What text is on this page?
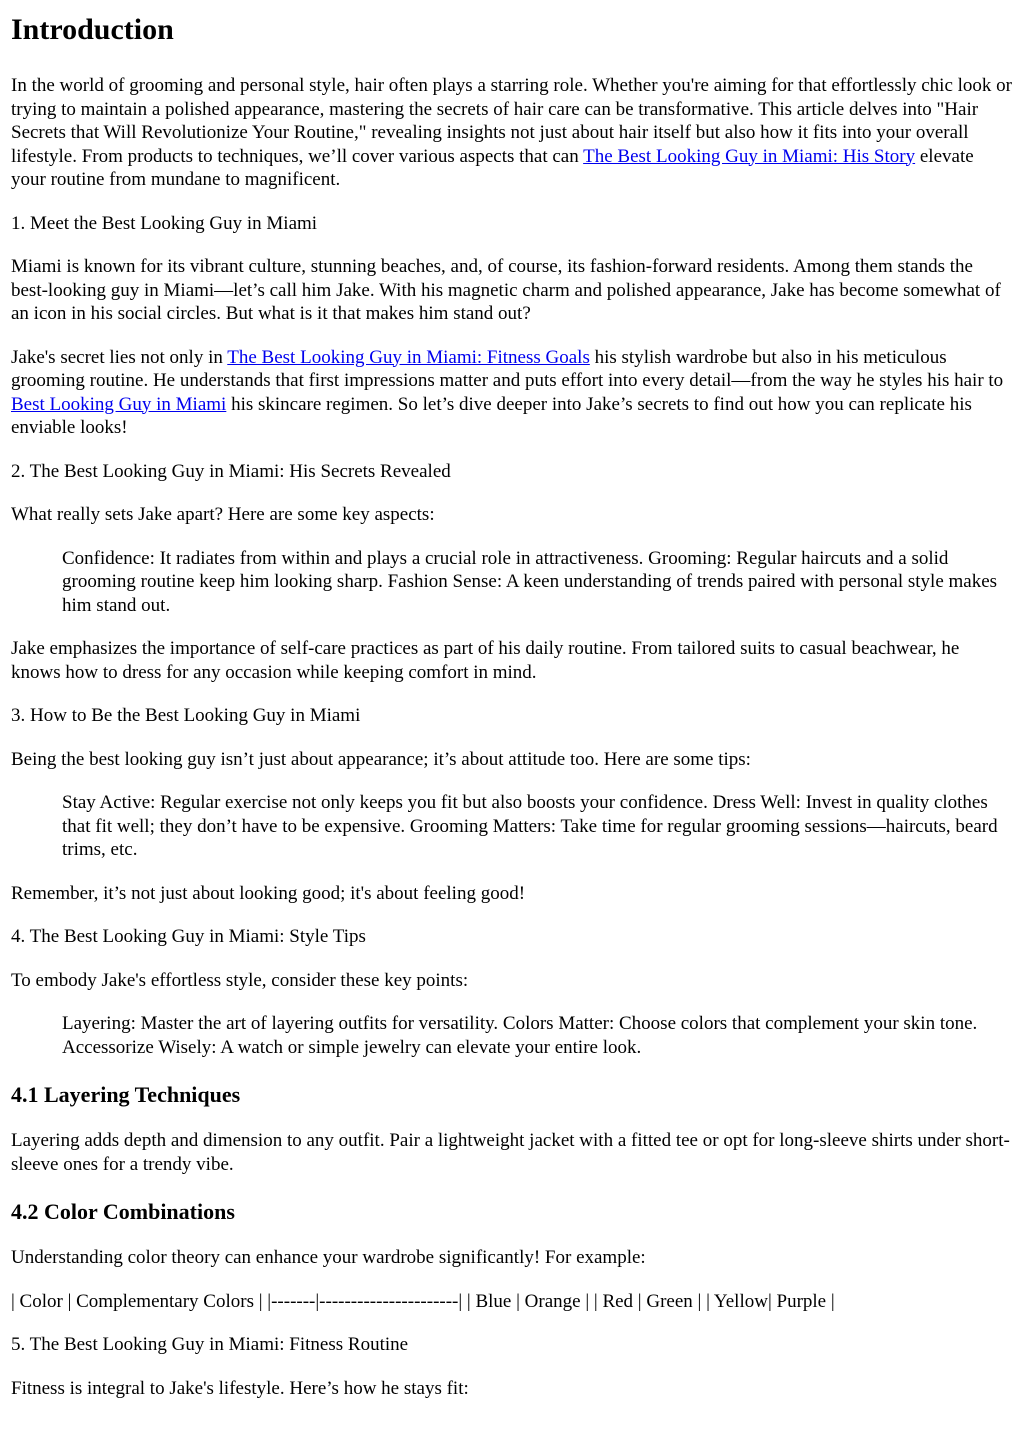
Introduction

In the world of grooming and personal style, hair often plays a starring role. Whether you're aiming for that effortlessly chic look or trying to maintain a polished appearance, mastering the secrets of hair care can be transformative. This article delves into "Hair Secrets that Will Revolutionize Your Routine," revealing insights not just about hair itself but also how it fits into your overall lifestyle. From products to techniques, we’ll cover various aspects that can The Best Looking Guy in Miami: His Story elevate your routine from mundane to magnificent.

1. Meet the Best Looking Guy in Miami

Miami is known for its vibrant culture, stunning beaches, and, of course, its fashion-forward residents. Among them stands the best-looking guy in Miami—let’s call him Jake. With his magnetic charm and polished appearance, Jake has become somewhat of an icon in his social circles. But what is it that makes him stand out?

Jake's secret lies not only in The Best Looking Guy in Miami: Fitness Goals his stylish wardrobe but also in his meticulous grooming routine. He understands that first impressions matter and puts effort into every detail—from the way he styles his hair to Best Looking Guy in Miami his skincare regimen. So let’s dive deeper into Jake’s secrets to find out how you can replicate his enviable looks!

2. The Best Looking Guy in Miami: His Secrets Revealed

What really sets Jake apart? Here are some key aspects:

Confidence: It radiates from within and plays a crucial role in attractiveness. Grooming: Regular haircuts and a solid grooming routine keep him looking sharp. Fashion Sense: A keen understanding of trends paired with personal style makes him stand out.

Jake emphasizes the importance of self-care practices as part of his daily routine. From tailored suits to casual beachwear, he knows how to dress for any occasion while keeping comfort in mind.

3. How to Be the Best Looking Guy in Miami

Being the best looking guy isn’t just about appearance; it’s about attitude too. Here are some tips:

Stay Active: Regular exercise not only keeps you fit but also boosts your confidence. Dress Well: Invest in quality clothes that fit well; they don’t have to be expensive. Grooming Matters: Take time for regular grooming sessions—haircuts, beard trims, etc.

Remember, it’s not just about looking good; it's about feeling good!

4. The Best Looking Guy in Miami: Style Tips

To embody Jake's effortless style, consider these key points:

Layering: Master the art of layering outfits for versatility. Colors Matter: Choose colors that complement your skin tone. Accessorize Wisely: A watch or simple jewelry can elevate your entire look.
4.1 Layering Techniques

Layering adds depth and dimension to any outfit. Pair a lightweight jacket with a fitted tee or opt for long-sleeve shirts under short-sleeve ones for a trendy vibe.

4.2 Color Combinations

Understanding color theory can enhance your wardrobe significantly! For example:

| Color | Complementary Colors | |-------|----------------------| | Blue | Orange | | Red | Green | | Yellow| Purple |

5. The Best Looking Guy in Miami: Fitness Routine

Fitness is integral to Jake's lifestyle. Here’s how he stays fit:
